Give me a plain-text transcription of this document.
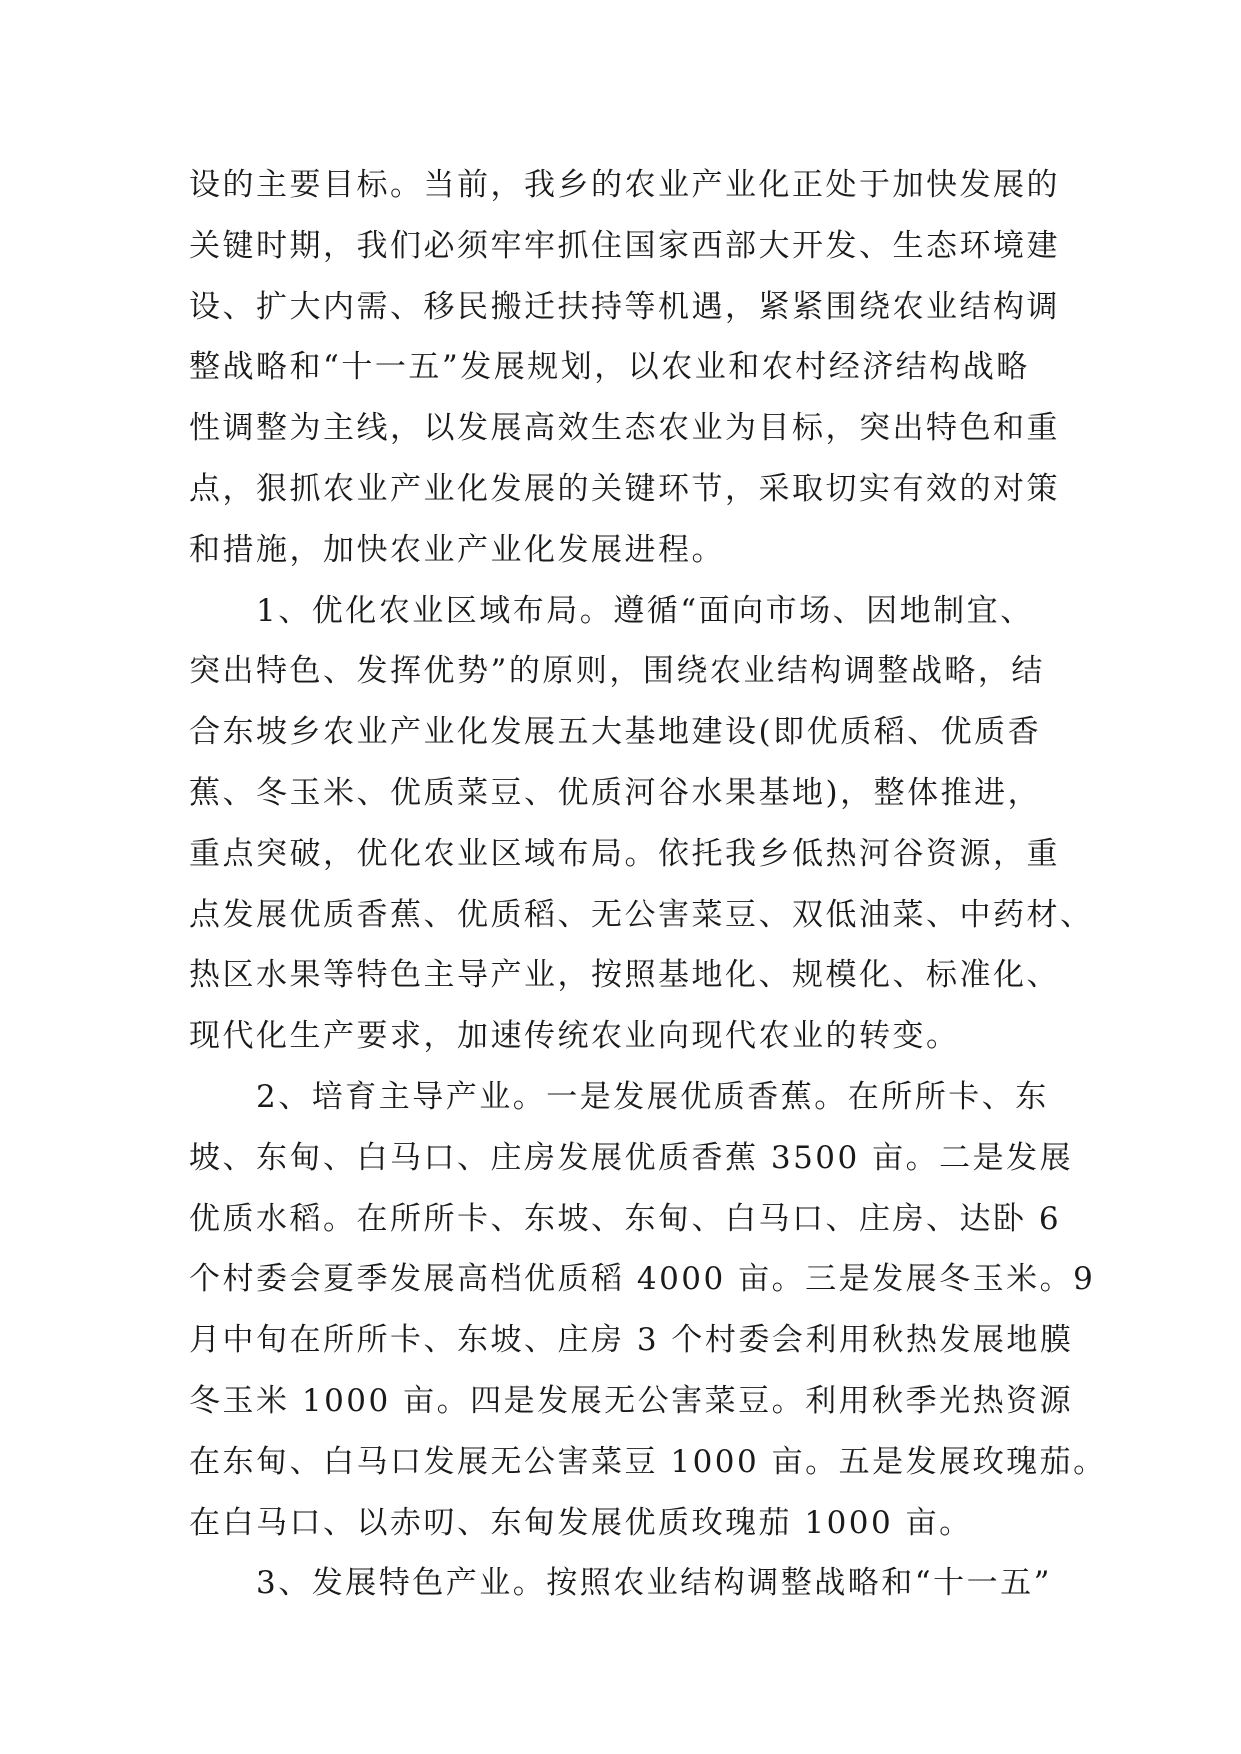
设的主要目标。当前，我乡的农业产业化正处于加快发展的
关键时期，我们必须牢牢抓住国家西部大开发、生态环境建
设、扩大内需、移民搬迁扶持等机遇，紧紧围绕农业结构调
整战略和“十一五”发展规划，以农业和农村经济结构战略
性调整为主线，以发展高效生态农业为目标，突出特色和重
点，狠抓农业产业化发展的关键环节，采取切实有效的对策
和措施，加快农业产业化发展进程。
　　1、优化农业区域布局。遵循“面向市场、因地制宜、
突出特色、发挥优势”的原则，围绕农业结构调整战略，结
合东坡乡农业产业化发展五大基地建设(即优质稻、优质香
蕉、冬玉米、优质菜豆、优质河谷水果基地)，整体推进，
重点突破，优化农业区域布局。依托我乡低热河谷资源，重
点发展优质香蕉、优质稻、无公害菜豆、双低油菜、中药材、
热区水果等特色主导产业，按照基地化、规模化、标准化、
现代化生产要求，加速传统农业向现代农业的转变。
　　2、培育主导产业。一是发展优质香蕉。在所所卡、东
坡、东甸、白马口、庄房发展优质香蕉 3500 亩。二是发展
优质水稻。在所所卡、东坡、东甸、白马口、庄房、达卧 6
个村委会夏季发展高档优质稻 4000 亩。三是发展冬玉米。9
月中旬在所所卡、东坡、庄房 3 个村委会利用秋热发展地膜
冬玉米 1000 亩。四是发展无公害菜豆。利用秋季光热资源
在东甸、白马口发展无公害菜豆 1000 亩。五是发展玫瑰茄。
在白马口、以赤叨、东甸发展优质玫瑰茄 1000 亩。
　　3、发展特色产业。按照农业结构调整战略和“十一五”
